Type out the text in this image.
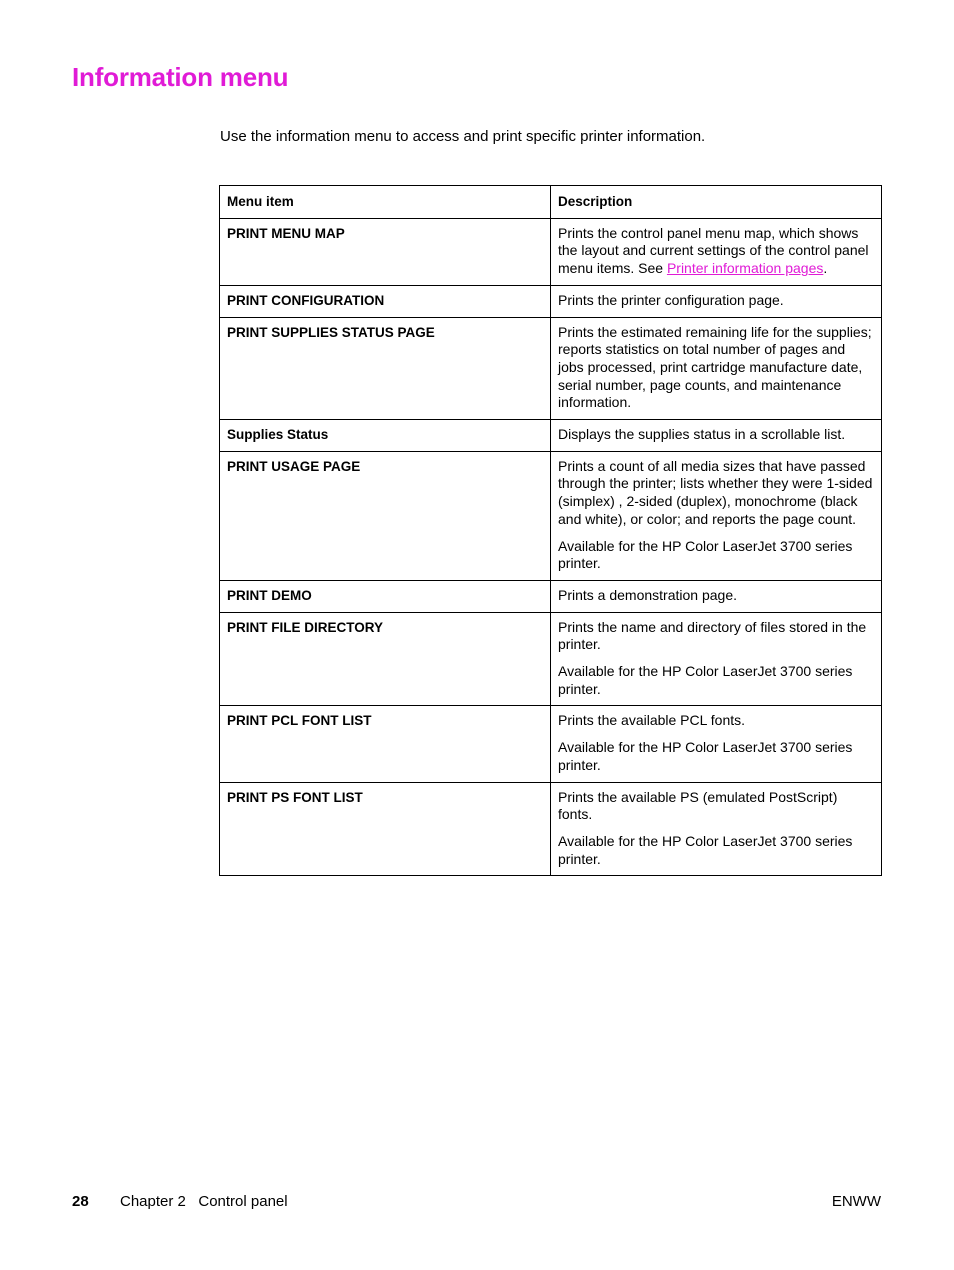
Information menu

Use the information menu to access and print specific printer information.

Menu item	Description
PRINT MENU MAP	Prints the control panel menu map, which shows the layout and current settings of the control panel menu items. See Printer information pages.

PRINT CONFIGURATION	Prints the printer configuration page.

PRINT SUPPLIES STATUS PAGE	Prints the estimated remaining life for the supplies; reports statistics on total number of pages and jobs processed, print cartridge manufacture date, serial number, page counts, and maintenance information.

Supplies Status	Displays the supplies status in a scrollable list.

PRINT USAGE PAGE	Prints a count of all media sizes that have passed through the printer; lists whether they were 1-sided (simplex) , 2-sided (duplex), monochrome (black and white), or color; and reports the page count.

Available for the HP Color LaserJet 3700 series printer.

PRINT DEMO	Prints a demonstration page.

PRINT FILE DIRECTORY	Prints the name and directory of files stored in the printer.

Available for the HP Color LaserJet 3700 series printer.

PRINT PCL FONT LIST	Prints the available PCL fonts.

Available for the HP Color LaserJet 3700 series printer.

PRINT PS FONT LIST	Prints the available PS (emulated PostScript) fonts.

Available for the HP Color LaserJet 3700 series printer.

28 Chapter 2   Control panel	ENWW
